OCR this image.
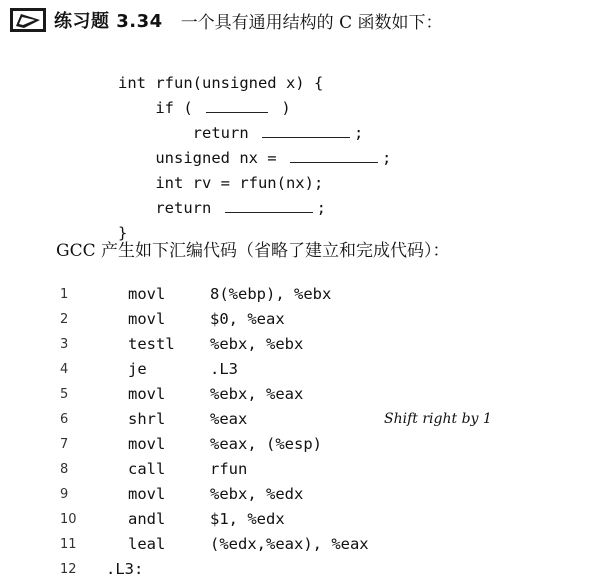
练习题 3.34 一个具有通用结构的 C 函数如下：

int rfun(unsigned x) {

if (	)

return	;

unsigned nx =	;

int rv = rfun(nx);

return	;

}

GCC 产生如下汇编代码（省略了建立和完成代码）：
1	movl	8(%ebp), %ebx
2	movl	$0, %eax
3	testl %ebx, %ebx
4	je	.L3
5	movl	%ebx, %eax
6	shrl	%eax	Shift right by 1
7	movl	%eax, (%esp)
8	call	rfun
9	movl	%ebx, %edx
10	andl	$1, %edx
11	leal	(%edx,%eax), %eax
12 .L3:
